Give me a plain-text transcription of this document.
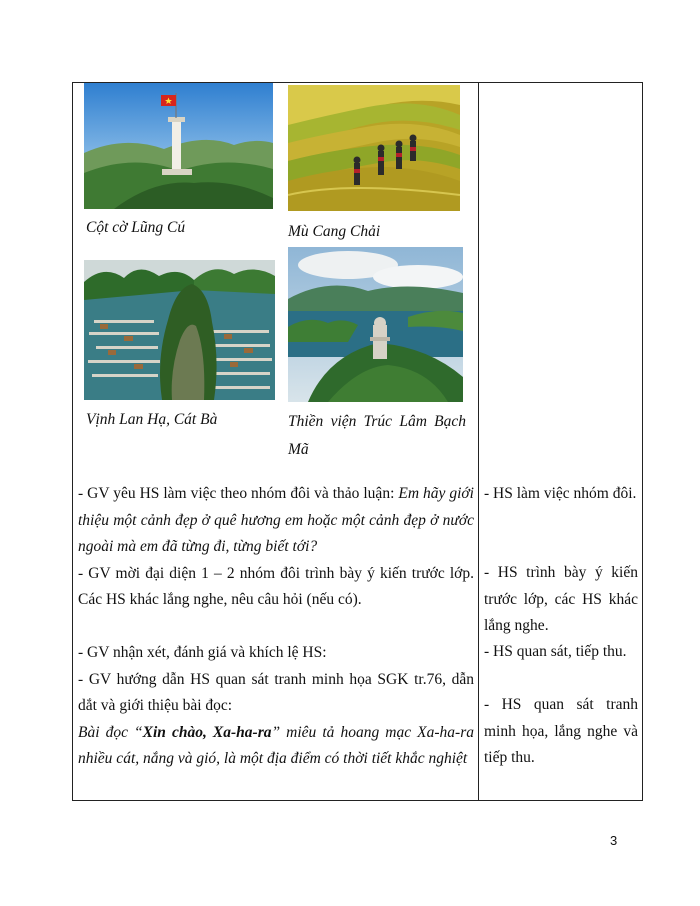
Cột cờ Lũng Cú	Mù Cang Chải
Vịnh Lan Hạ, Cát Bà	Thiền viện Trúc Lâm Bạch
Mã

- GV yêu HS làm việc theo nhóm đôi và thảo luận: Em hãy giới thiệu một cảnh đẹp ở quê hương em hoặc một cảnh đẹp ở nước ngoài mà em đã từng đi, từng biết tới?

- GV mời đại diện 1 – 2 nhóm đôi trình bày ý kiến trước lớp. Các HS khác lắng nghe, nêu câu hỏi (nếu có).

- GV nhận xét, đánh giá và khích lệ HS:

- GV hướng dẫn HS quan sát tranh minh họa SGK tr.76, dẫn dắt và giới thiệu bài đọc:

Bài đọc “Xin chào, Xa-ha-ra” miêu tả hoang mạc Xa-ha-ra nhiều cát, nắng và gió, là một địa điểm có thời tiết khắc nghiệt

- HS làm việc nhóm đôi.

- HS trình bày ý kiến trước lớp, các HS khác lắng nghe.

- HS quan sát, tiếp thu.

- HS quan sát tranh minh họa, lắng nghe và tiếp thu.

3
